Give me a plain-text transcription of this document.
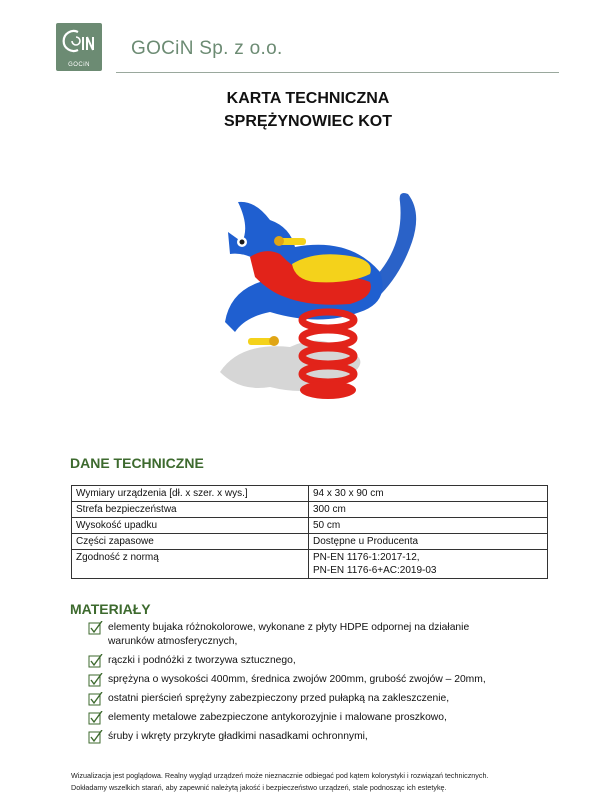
GOCiN
GOCiN Sp. z o.o.
KARTA TECHNICZNA
SPRĘŻYNOWIEC KOT
DANE TECHNICZNE
Wymiary urządzenia [dł. x szer. x wys.]	94 x 30 x 90 cm
Strefa bezpieczeństwa	300 cm
Wysokość upadku	50 cm
Części zapasowe	Dostępne u Producenta
Zgodność z normą	PN-EN 1176-1:2017-12,
PN-EN 1176-6+AC:2019-03
MATERIAŁY
elementy bujaka różnokolorowe, wykonane z płyty HDPE odpornej na działanie
warunków atmosferycznych,
rączki i podnóżki z tworzywa sztucznego,
sprężyna o wysokości 400mm, średnica zwojów 200mm, grubość zwojów – 20mm,
ostatni pierścień sprężyny zabezpieczony przed pułapką na zakleszczenie,
elementy metalowe zabezpieczone antykorozyjnie i malowane proszkowo,
śruby i wkręty przykryte gładkimi nasadkami ochronnymi,
Wizualizacja jest poglądowa. Realny wygląd urządzeń może nieznacznie odbiegać pod kątem kolorystyki i rozwiązań technicznych.
Dokładamy wszelkich starań, aby zapewnić należytą jakość i bezpieczeństwo urządzeń, stale podnosząc ich estetykę.
